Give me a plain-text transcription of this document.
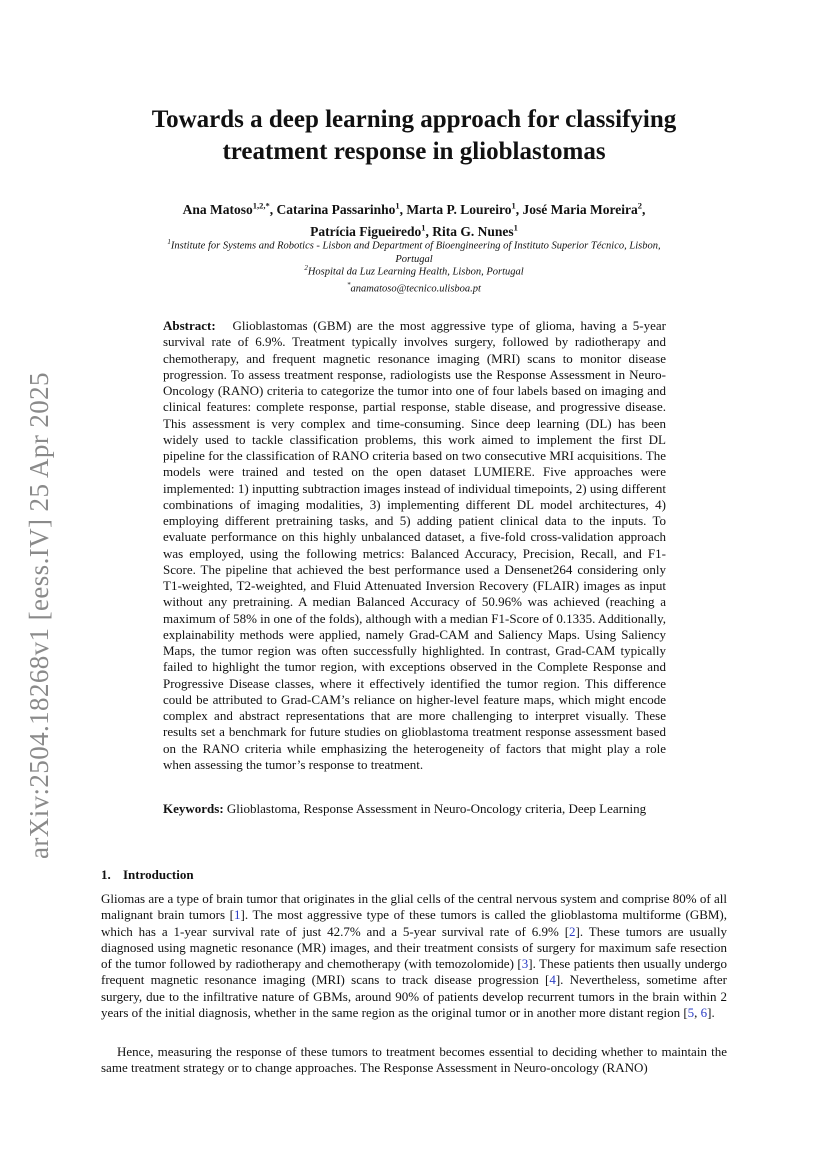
arXiv:2504.18268v1 [eess.IV] 25 Apr 2025
Towards a deep learning approach for classifying
treatment response in glioblastomas
Ana Matoso$^{1,2,*}$, Catarina Passarinho$^1$, Marta P. Loureiro$^1$, José Maria Moreira$^2$,
Patrícia Figueiredo$^1$, Rita G. Nunes$^1$
$^1$Institute for Systems and Robotics - Lisbon and Department of Bioengineering of Instituto Superior Técnico, Lisbon, Portugal
$^2$Hospital da Luz Learning Health, Lisbon, Portugal
*anamatoso@tecnico.ulisboa.pt

Abstract: Glioblastomas (GBM) are the most aggressive type of glioma, having a 5-year survival rate of 6.9%. Treatment typically involves surgery, followed by radiotherapy and chemotherapy, and frequent magnetic resonance imaging (MRI) scans to monitor disease progression. To assess treatment response, radiologists use the Response Assessment in Neuro-Oncology (RANO) criteria to categorize the tumor into one of four labels based on imaging and clinical features: complete response, partial response, stable disease, and progressive disease. This assessment is very complex and time-consuming. Since deep learning (DL) has been widely used to tackle classification problems, this work aimed to implement the first DL pipeline for the classification of RANO criteria based on two consecutive MRI acquisitions. The models were trained and tested on the open dataset LUMIERE. Five approaches were implemented: 1) inputting subtraction images instead of individual timepoints, 2) using different combinations of imaging modalities, 3) implementing different DL model architectures, 4) employing different pretraining tasks, and 5) adding patient clinical data to the inputs. To evaluate performance on this highly unbalanced dataset, a five-fold cross-validation approach was employed, using the following metrics: Balanced Accuracy, Precision, Recall, and F1-Score. The pipeline that achieved the best performance used a Densenet264 considering only T1-weighted, T2-weighted, and Fluid Attenuated Inversion Recovery (FLAIR) images as input without any pretraining. A median Balanced Accuracy of 50.96% was achieved (reaching a maximum of 58% in one of the folds), although with a median F1-Score of 0.1335. Additionally, explainability methods were applied, namely Grad-CAM and Saliency Maps. Using Saliency Maps, the tumor region was often successfully highlighted. In contrast, Grad-CAM typically failed to highlight the tumor region, with exceptions observed in the Complete Response and Progressive Disease classes, where it effectively identified the tumor region. This difference could be attributed to Grad-CAM’s reliance on higher-level feature maps, which might encode complex and abstract representations that are more challenging to interpret visually. These results set a benchmark for future studies on glioblastoma treatment response assessment based on the RANO criteria while emphasizing the heterogeneity of factors that might play a role when assessing the tumor’s response to treatment.

Keywords: Glioblastoma, Response Assessment in Neuro-Oncology criteria, Deep Learning

1. Introduction

Gliomas are a type of brain tumor that originates in the glial cells of the central nervous system and comprise 80% of all malignant brain tumors [1]. The most aggressive type of these tumors is called the glioblastoma multiforme (GBM), which has a 1-year survival rate of just 42.7% and a 5-year survival rate of 6.9% [2]. These tumors are usually diagnosed using magnetic resonance (MR) images, and their treatment consists of surgery for maximum safe resection of the tumor followed by radiotherapy and chemotherapy (with temozolomide) [3]. These patients then usually undergo frequent magnetic resonance imaging (MRI) scans to track disease progression [4]. Nevertheless, sometime after surgery, due to the infiltrative nature of GBMs, around 90% of patients develop recurrent tumors in the brain within 2 years of the initial diagnosis, whether in the same region as the original tumor or in another more distant region [5, 6].

Hence, measuring the response of these tumors to treatment becomes essential to deciding whether to maintain the same treatment strategy or to change approaches. The Response Assessment in Neuro-oncology (RANO)
